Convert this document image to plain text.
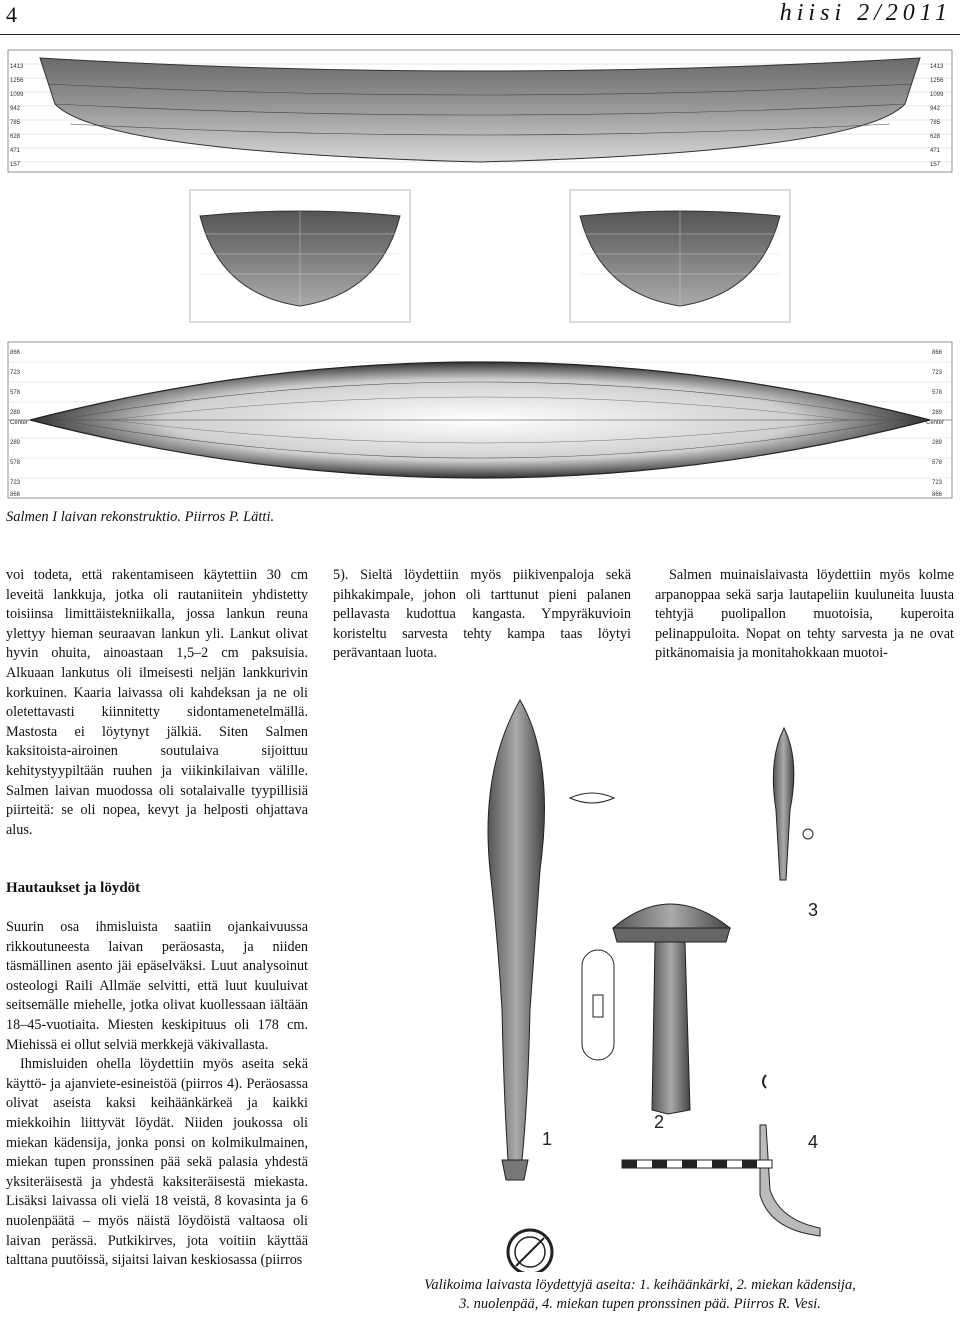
4	hiisi 2/2011
1413
1256
1099
942
785
628
471
157
1413
1256
1099
942
785
628
471
157
866
723
578
289
Center
289
578
723
866
866
723
578
289
Center
289
578
723
866
Salmen I laivan rekonstruktio. Piirros P. Lätti.

voi todeta, että rakentamiseen käytettiin 30 cm leveitä lankkuja, jotka oli rautaniitein yhdistetty toisiinsa limittäistekniikalla, jossa lankun reuna ylettyy hieman seuraavan lankun yli. Lankut olivat hyvin ohuita, ainoastaan 1,5–2 cm paksuisia. Alkuaan lankutus oli ilmeisesti neljän lankkurivin korkuinen. Kaaria laivassa oli kahdeksan ja ne oli oletettavasti kiinnitetty sidontamenetelmällä. Mastosta ei löytynyt jälkiä. Siten Salmen kaksitoista-airoinen soutulaiva sijoittuu kehitystyypiltään ruuhen ja viikinkilaivan välille. Salmen laivan muodossa oli sotalaivalle tyypillisiä piirteitä: se oli nopea, kevyt ja helposti ohjattava alus.

5). Sieltä löydettiin myös piikivenpaloja sekä pihkakimpale, johon oli tarttunut pieni palanen pellavasta kudottua kangasta. Ympyräkuvioin koristeltu sarvesta tehty kampa taas löytyi perävantaan luota.

Salmen muinaislaivasta löydettiin myös kolme arpanoppaa sekä sarja lautapeliin kuuluneita luusta tehtyjä puolipallon muotoisia, kuperoita pelinappuloita. Nopat on tehty sarvesta ja ne ovat pitkänomaisia ja monitahokkaan muotoi-

Hautaukset ja löydöt

Suurin osa ihmisluista saatiin ojankaivuussa rikkoutuneesta laivan peräosasta, ja niiden täsmällinen asento jäi epäselväksi. Luut analysoinut osteologi Raili Allmäe selvitti, että luut kuuluivat seitsemälle miehelle, jotka olivat kuollessaan iältään 18–45-vuotiaita. Miesten keskipituus oli 178 cm. Miehissä ei ollut selviä merkkejä väkivallasta.

Ihmisluiden ohella löydettiin myös aseita sekä käyttö- ja ajanviete-esineistöä (piirros 4). Peräosassa olivat aseista kaksi keihäänkärkeä ja kaikki miekkoihin liittyvät löydät. Niiden joukossa oli miekan kädensija, jonka ponsi on kolmikulmainen, miekan tupen pronssinen pää sekä palasia yhdestä yksiteräisestä ja yhdestä kaksiteräisestä miekasta. Lisäksi laivassa oli vielä 18 veistä, 8 kovasinta ja 6 nuolenpäätä – myös näistä löydöistä valtaosa oli laivan perässä. Putkikirves, jota voitiin käyttää talttana puutöissä, sijaitsi laivan keskiosassa (piirros

1
2
3
4
Valikoima laivasta löydettyjä aseita: 1. keihäänkärki, 2. miekan kädensija,
3. nuolenpää, 4. miekan tupen pronssinen pää. Piirros R. Vesi.
